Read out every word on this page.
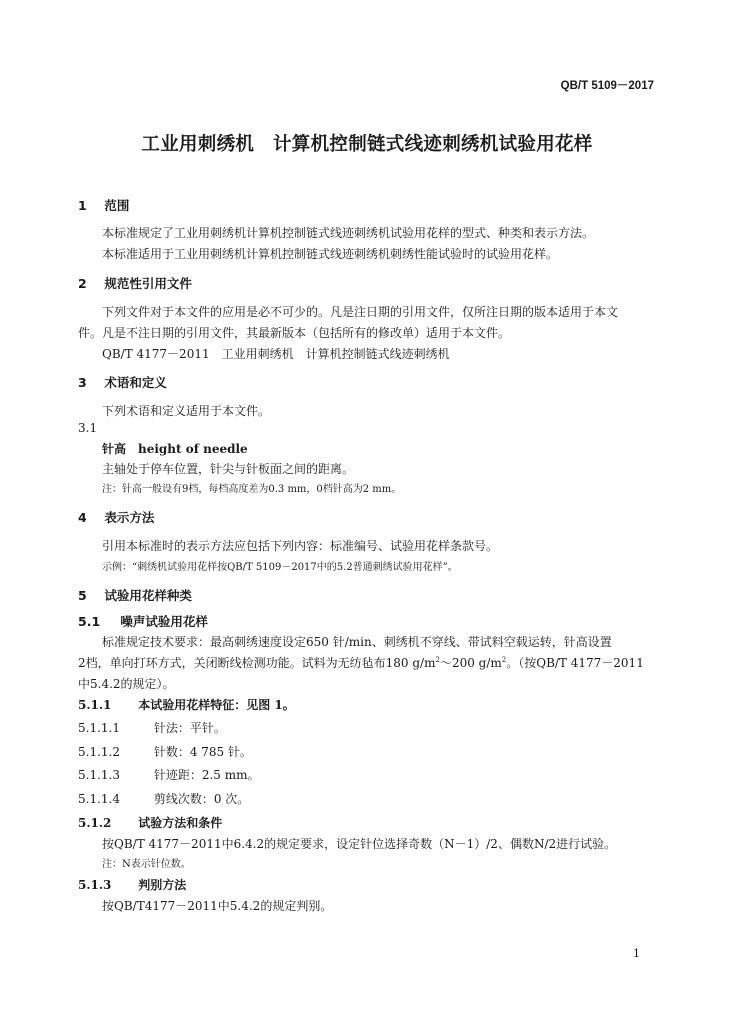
QB/T 5109－2017
工业用刺绣机　计算机控制链式线迹刺绣机试验用花样
1 范围
本标准规定了工业用刺绣机计算机控制链式线迹刺绣机试验用花样的型式、种类和表示方法。
本标准适用于工业用刺绣机计算机控制链式线迹刺绣机刺绣性能试验时的试验用花样。
2 规范性引用文件
下列文件对于本文件的应用是必不可少的。凡是注日期的引用文件，仅所注日期的版本适用于本文
件。凡是不注日期的引用文件，其最新版本（包括所有的修改单）适用于本文件。
QB/T 4177－2011　工业用刺绣机　计算机控制链式线迹刺绣机
3 术语和定义
下列术语和定义适用于本文件。
3.1
针高　height of needle
主轴处于停车位置，针尖与针板面之间的距离。
注：针高一般设有9档，每档高度差为0.3 mm，0档针高为2 mm。
4 表示方法
引用本标准时的表示方法应包括下列内容：标准编号、试验用花样条款号。
示例：“刺绣机试验用花样按QB/T 5109－2017中的5.2普通刺绣试验用花样”。
5 试验用花样种类
5.1 噪声试验用花样
标准规定技术要求：最高刺绣速度设定650 针/min、刺绣机不穿线、带试料空载运转，针高设置
2档，单向打环方式，关闭断线检测功能。试料为无纺毡布180 $g/m^2\sim 200$ $g/m^2$。（按QB/T 4177－2011
中5.4.2的规定）。
5.1.1 本试验用花样特征：见图 1。
5.1.1.1	针法：平针。
5.1.1.2	针数：4 785 针。
5.1.1.3	针迹距：2.5 mm。
5.1.1.4	剪线次数：0 次。
5.1.2 试验方法和条件
按QB/T 4177－2011中6.4.2的规定要求，设定针位选择奇数（N－1）/2、偶数N/2进行试验。
注：N表示针位数。
5.1.3 判别方法
按QB/T4177－2011中5.4.2的规定判别。
1
